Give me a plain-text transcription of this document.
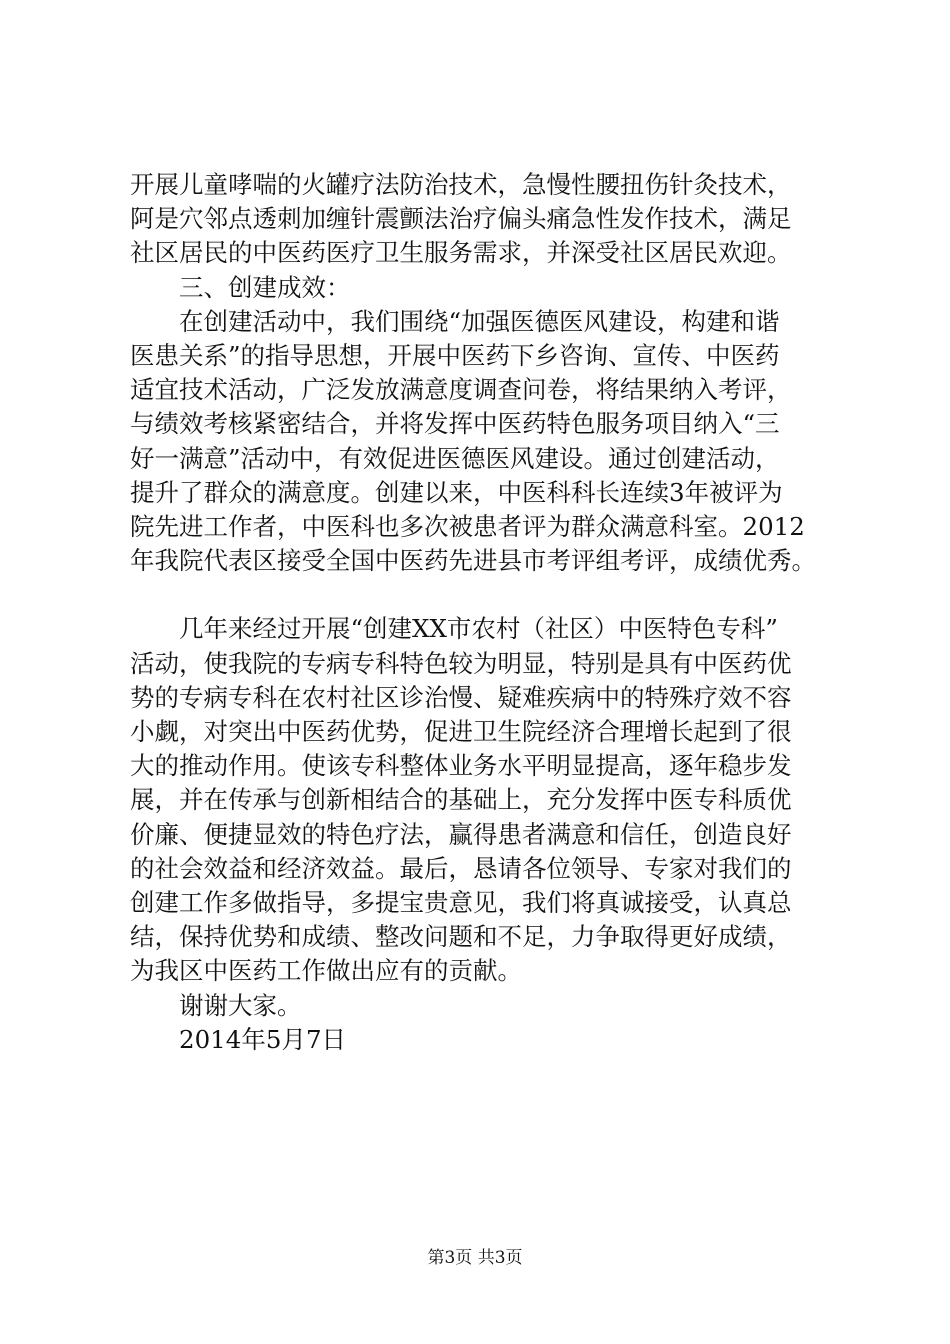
开展儿童哮喘的火罐疗法防治技术，急慢性腰扭伤针灸技术，
阿是穴邻点透刺加缠针震颤法治疗偏头痛急性发作技术，满足
社区居民的中医药医疗卫生服务需求，并深受社区居民欢迎。
三、创建成效：
在创建活动中，我们围绕“加强医德医风建设，构建和谐
医患关系”的指导思想，开展中医药下乡咨询、宣传、中医药
适宜技术活动，广泛发放满意度调查问卷，将结果纳入考评，
与绩效考核紧密结合，并将发挥中医药特色服务项目纳入“三
好一满意”活动中，有效促进医德医风建设。通过创建活动，
提升了群众的满意度。创建以来，中医科科长连续3年被评为
院先进工作者，中医科也多次被患者评为群众满意科室。2012
年我院代表区接受全国中医药先进县市考评组考评，成绩优秀。
几年来经过开展“创建XX市农村（社区）中医特色专科”
活动，使我院的专病专科特色较为明显，特别是具有中医药优
势的专病专科在农村社区诊治慢、疑难疾病中的特殊疗效不容
小觑，对突出中医药优势，促进卫生院经济合理增长起到了很
大的推动作用。使该专科整体业务水平明显提高，逐年稳步发
展，并在传承与创新相结合的基础上，充分发挥中医专科质优
价廉、便捷显效的特色疗法，赢得患者满意和信任，创造良好
的社会效益和经济效益。最后，恳请各位领导、专家对我们的
创建工作多做指导，多提宝贵意见，我们将真诚接受，认真总
结，保持优势和成绩、整改问题和不足，力争取得更好成绩，
为我区中医药工作做出应有的贡献。
谢谢大家。
2014年5月7日
第3页 共3页
